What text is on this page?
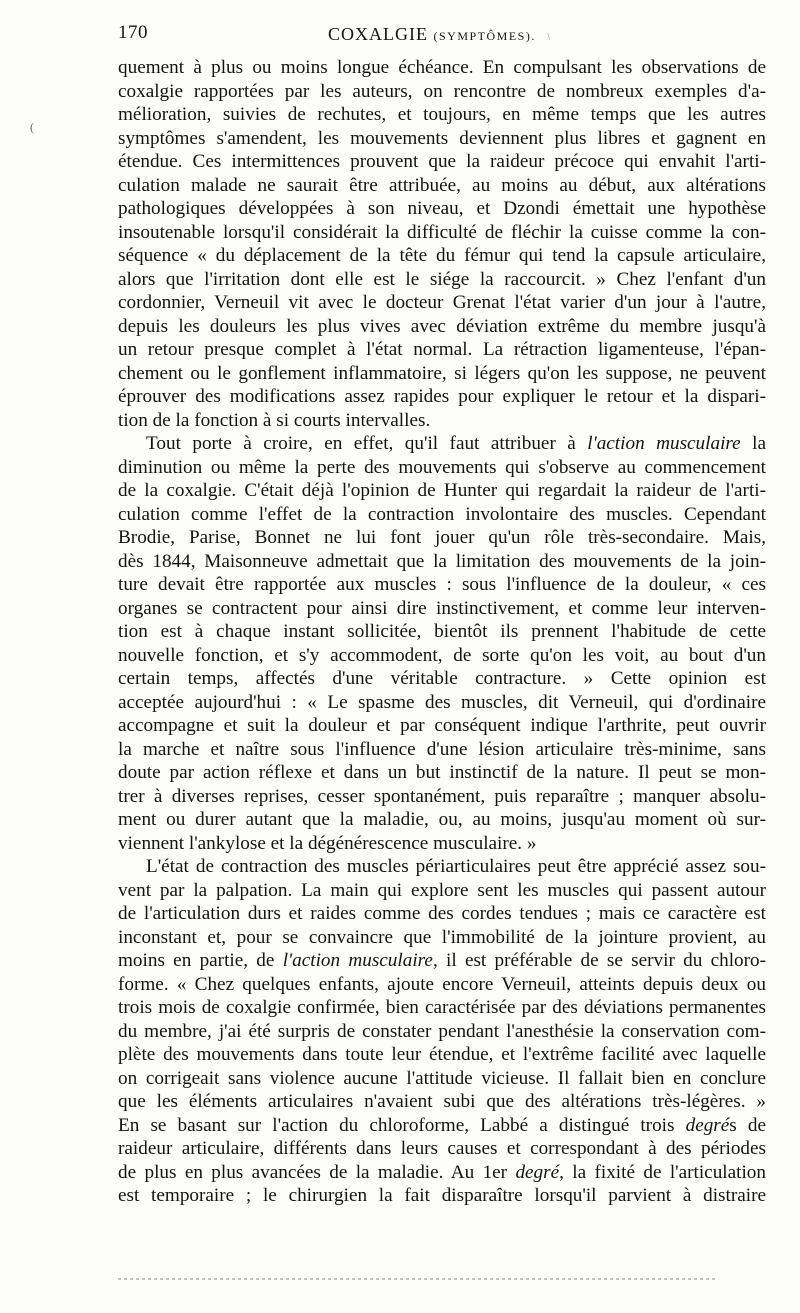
170	COXALGIE (SYMPTÔMES). \

quement à plus ou moins longue échéance. En compulsant les observations de
coxalgie rapportées par les auteurs, on rencontre de nombreux exemples d'a-
mélioration, suivies de rechutes, et toujours, en même temps que les autres
symptômes s'amendent, les mouvements deviennent plus libres et gagnent en
étendue. Ces intermittences prouvent que la raideur précoce qui envahit l'arti-
culation malade ne saurait être attribuée, au moins au début, aux altérations
pathologiques développées à son niveau, et Dzondi émettait une hypothèse
insoutenable lorsqu'il considérait la difficulté de fléchir la cuisse comme la con-
séquence « du déplacement de la tête du fémur qui tend la capsule articulaire,
alors que l'irritation dont elle est le siége la raccourcit. » Chez l'enfant d'un
cordonnier, Verneuil vit avec le docteur Grenat l'état varier d'un jour à l'autre,
depuis les douleurs les plus vives avec déviation extrême du membre jusqu'à
un retour presque complet à l'état normal. La rétraction ligamenteuse, l'épan-
chement ou le gonflement inflammatoire, si légers qu'on les suppose, ne peuvent
éprouver des modifications assez rapides pour expliquer le retour et la dispari-
tion de la fonction à si courts intervalles.

Tout porte à croire, en effet, qu'il faut attribuer à l'action musculaire la
diminution ou même la perte des mouvements qui s'observe au commencement
de la coxalgie. C'était déjà l'opinion de Hunter qui regardait la raideur de l'arti-
culation comme l'effet de la contraction involontaire des muscles. Cependant
Brodie, Parise, Bonnet ne lui font jouer qu'un rôle très-secondaire. Mais,
dès 1844, Maisonneuve admettait que la limitation des mouvements de la join-
ture devait être rapportée aux muscles : sous l'influence de la douleur, « ces
organes se contractent pour ainsi dire instinctivement, et comme leur interven-
tion est à chaque instant sollicitée, bientôt ils prennent l'habitude de cette
nouvelle fonction, et s'y accommodent, de sorte qu'on les voit, au bout d'un
certain temps, affectés d'une véritable contracture. » Cette opinion est
acceptée aujourd'hui : « Le spasme des muscles, dit Verneuil, qui d'ordinaire
accompagne et suit la douleur et par conséquent indique l'arthrite, peut ouvrir
la marche et naître sous l'influence d'une lésion articulaire très-minime, sans
doute par action réflexe et dans un but instinctif de la nature. Il peut se mon-
trer à diverses reprises, cesser spontanément, puis reparaître ; manquer absolu-
ment ou durer autant que la maladie, ou, au moins, jusqu'au moment où sur-
viennent l'ankylose et la dégénérescence musculaire. »

L'état de contraction des muscles périarticulaires peut être apprécié assez sou-
vent par la palpation. La main qui explore sent les muscles qui passent autour
de l'articulation durs et raides comme des cordes tendues ; mais ce caractère est
inconstant et, pour se convaincre que l'immobilité de la jointure provient, au
moins en partie, de l'action musculaire, il est préférable de se servir du chloro-
forme. « Chez quelques enfants, ajoute encore Verneuil, atteints depuis deux ou
trois mois de coxalgie confirmée, bien caractérisée par des déviations permanentes
du membre, j'ai été surpris de constater pendant l'anesthésie la conservation com-
plète des mouvements dans toute leur étendue, et l'extrême facilité avec laquelle
on corrigeait sans violence aucune l'attitude vicieuse. Il fallait bien en conclure
que les éléments articulaires n'avaient subi que des altérations très-légères. »
En se basant sur l'action du chloroforme, Labbé a distingué trois degrés de
raideur articulaire, différents dans leurs causes et correspondant à des périodes
de plus en plus avancées de la maladie. Au 1er degré, la fixité de l'articulation
est temporaire ; le chirurgien la fait disparaître lorsqu'il parvient à distraire

(
